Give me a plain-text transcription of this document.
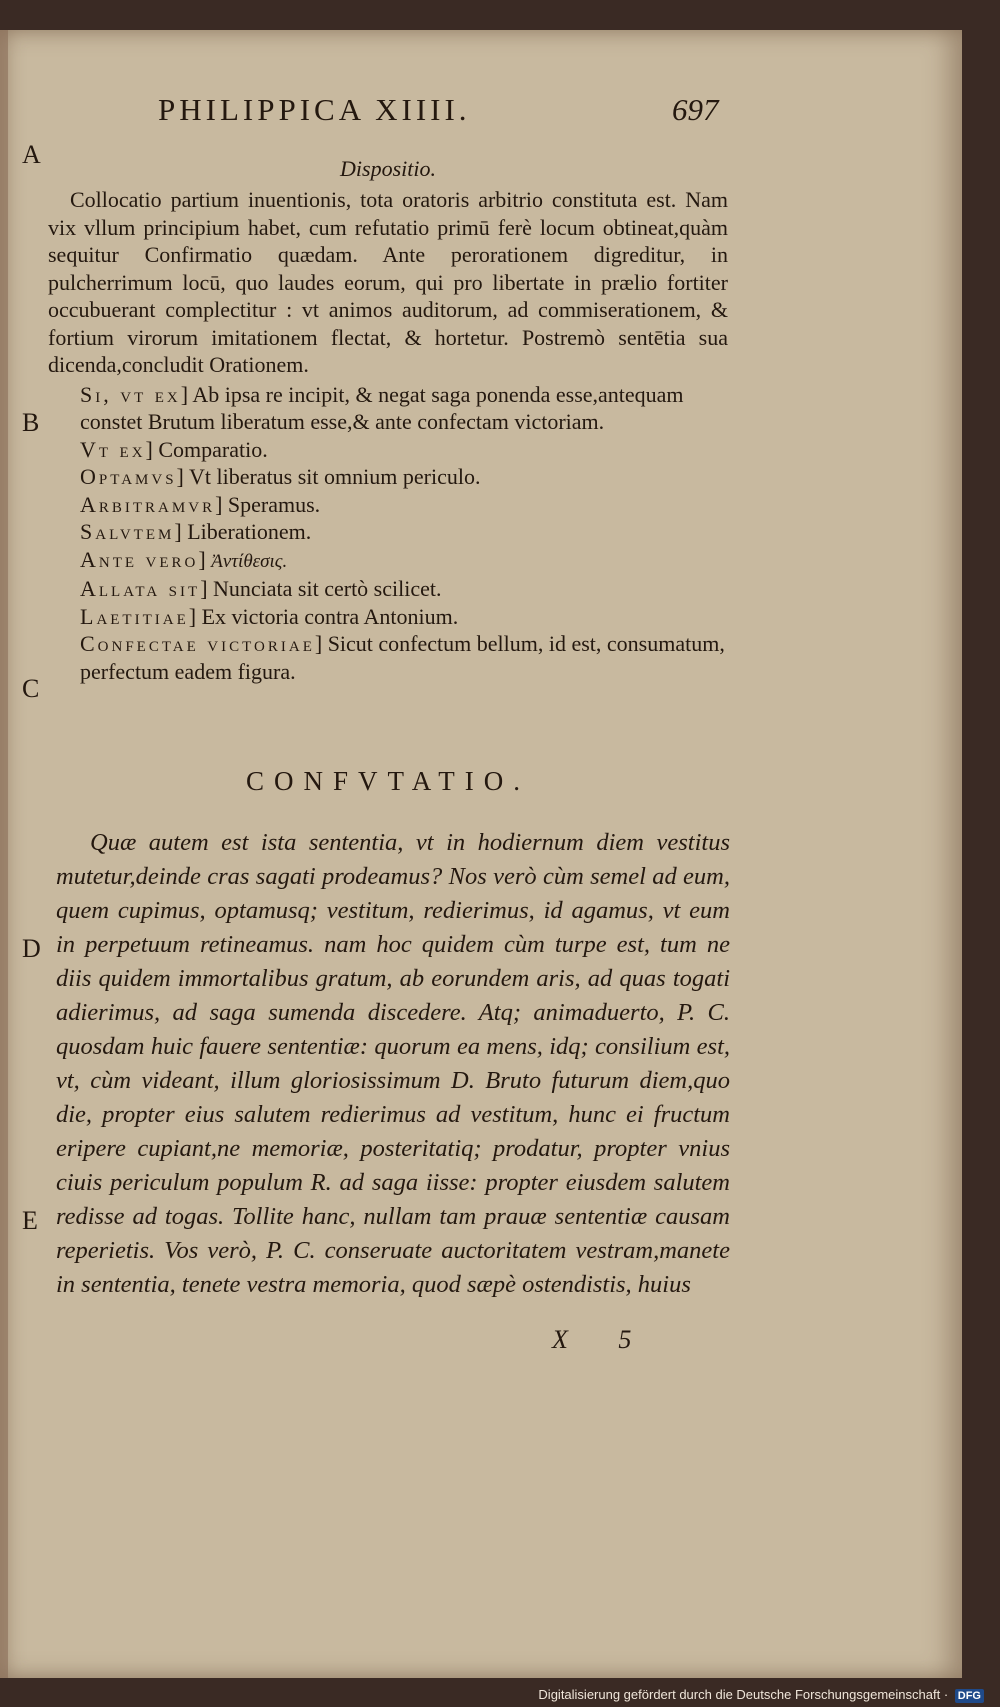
PHILIPPICA XIIII.	697
A
B
C
D
E
Dispositio.

Collocatio partium inuentionis, tota oratoris arbitrio constituta est. Nam vix vllum principium habet, cum refutatio primū ferè locum obtineat,quàm sequitur Confirmatio quædam. Ante perorationem digreditur, in pulcherrimum locū, quo laudes eorum, qui pro libertate in prælio fortiter occubuerant complectitur : vt animos auditorum, ad commiserationem, & fortium virorum imitationem flectat, & hortetur. Postremò sentētia sua dicenda,concludit Orationem.

Si, vt ex] Ab ipsa re incipit, & negat saga ponenda esse,antequam constet Brutum liberatum esse,& ante confectam victoriam.

Vt ex] Comparatio.

Optamvs] Vt liberatus sit omnium periculo.

Arbitramvr] Speramus.

Salvtem] Liberationem.

Ante vero] Ἀντίθεσις.

Allata sit] Nunciata sit certò scilicet.

Laetitiae] Ex victoria contra Antonium.

Confectae victoriae] Sicut confectum bellum, id est, consumatum, perfectum eadem figura.

CONFVTATIO.
Quæ autem est ista sententia, vt in hodiernum diem vestitus mutetur,deinde cras sagati prodeamus? Nos verò cùm semel ad eum, quem cupimus, optamusq; vestitum, redierimus, id agamus, vt eum in perpetuum retineamus. nam hoc quidem cùm turpe est, tum ne diis quidem immortalibus gratum, ab eorundem aris, ad quas togati adierimus, ad saga sumenda discedere. Atq; animaduerto, P. C. quosdam huic fauere sententiæ: quorum ea mens, idq; consilium est, vt, cùm videant, illum gloriosissimum D. Bruto futurum diem,quo die, propter eius salutem redierimus ad vestitum, hunc ei fructum eripere cupiant,ne memoriæ, posteritatiq; prodatur, propter vnius ciuis periculum populum R. ad saga iisse: propter eiusdem salutem redisse ad togas. Tollite hanc, nullam tam prauæ sententiæ causam reperietis. Vos verò, P. C. conseruate auctoritatem vestram,manete in sententia, tenete vestra memoria, quod sæpè ostendistis, huius
X 5
Digitalisierung gefördert durch die Deutsche Forschungsgemeinschaft · DFG
